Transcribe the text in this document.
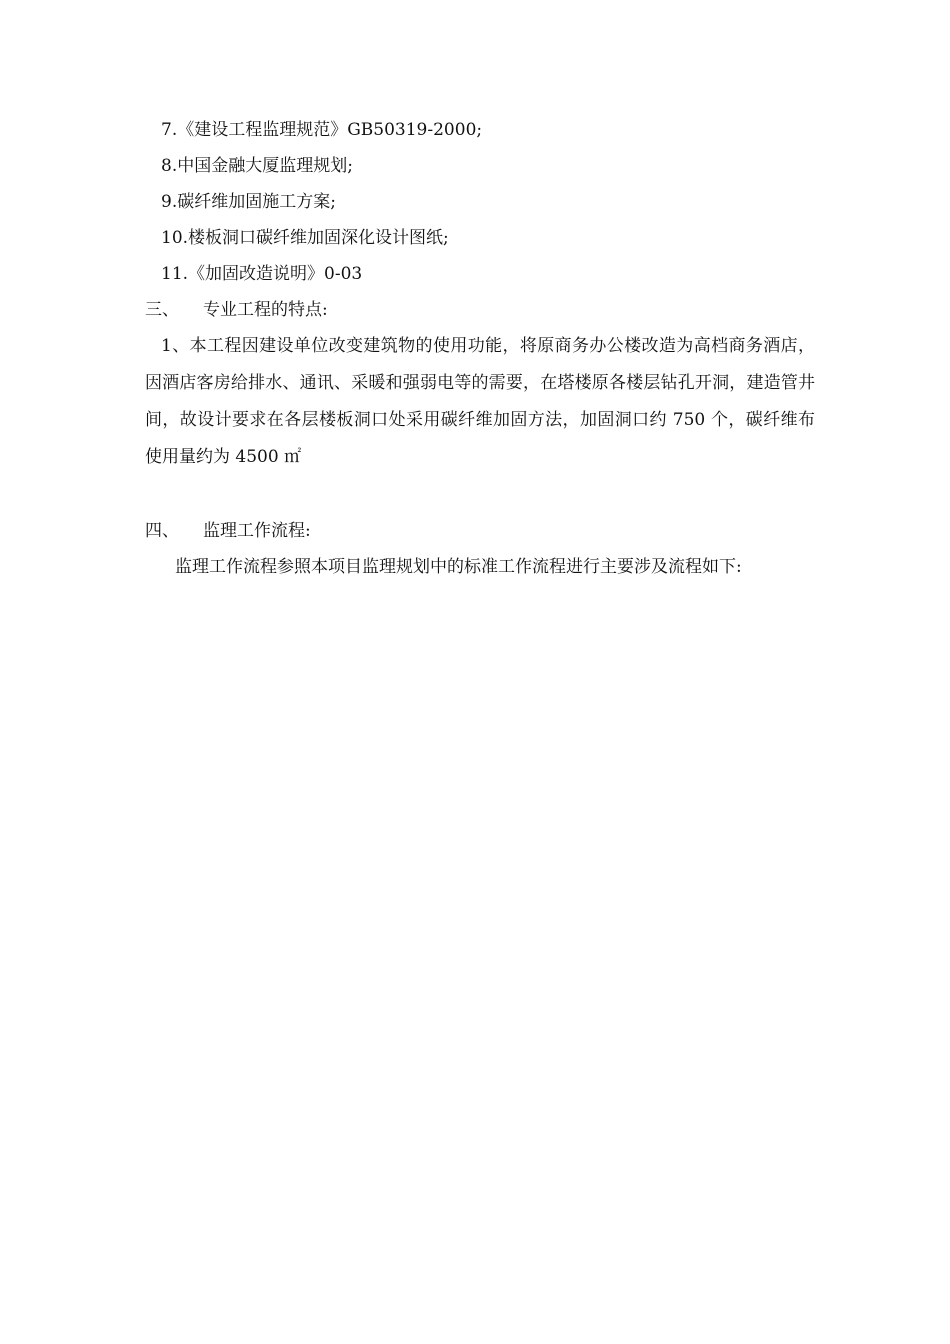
7.《建设工程监理规范》GB50319-2000;
8.中国金融大厦监理规划;
9.碳纤维加固施工方案;
10.楼板洞口碳纤维加固深化设计图纸;
11.《加固改造说明》0-03
三、 专业工程的特点:

1、本工程因建设单位改变建筑物的使用功能，将原商务办公楼改造为高档商务酒店，因酒店客房给排水、通讯、采暖和强弱电等的需要，在塔楼原各楼层钻孔开洞，建造管井间，故设计要求在各层楼板洞口处采用碳纤维加固方法，加固洞口约 750 个，碳纤维布使用量约为 4500 ㎡

四、 监理工作流程:

监理工作流程参照本项目监理规划中的标准工作流程进行主要涉及流程如下:
